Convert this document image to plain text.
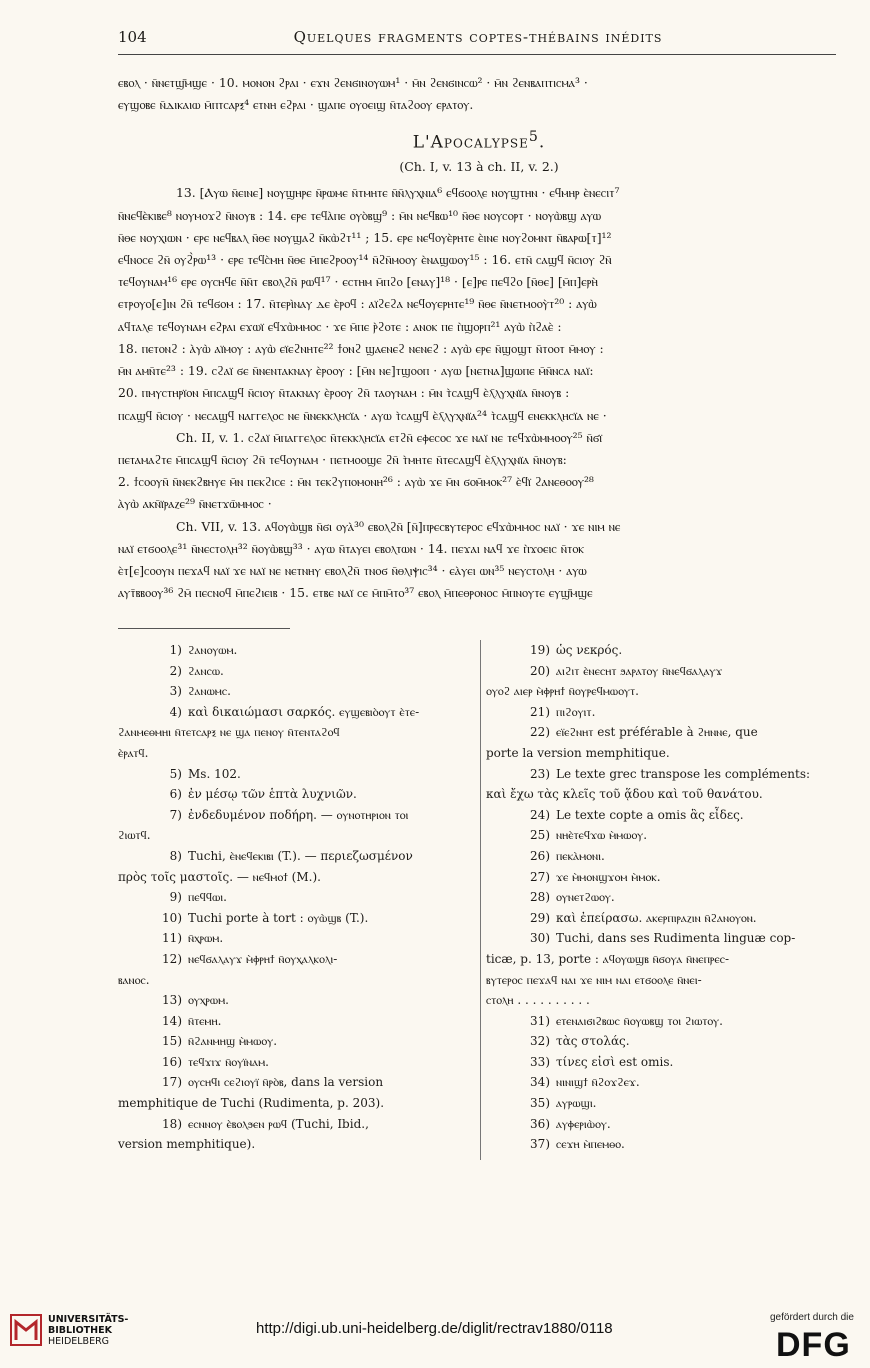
104	Quelques fragments coptes-thébains inédits
ⲉⲃⲟⲗ · ⲛ̄ⲛⲉⲧϣ̄ⲙϣⲉ · 10. ⲙⲟⲛⲟⲛ ϩⲣⲁⲓ · ⲉϫⲛ ϩⲉⲛϭⲓⲛⲟⲩⲱⲙ¹ · ⲙ̄ⲛ ϩⲉⲛϭⲓⲛⲥⲱ² · ⲙ̄ⲛ ϩⲉⲛⲃⲁⲡⲧⲓⲥⲙⲁ³ ·
ⲉⲩϣⲟⲃⲉ ⲛ̄ⲇⲓⲕⲁⲓⲱ ⲙ̄ⲡⲧⲥⲁⲣⲝ⁴ ⲉⲧⲛⲏ ⲉϩⲣⲁⲓ · ϣⲁⲡⲉ ⲟⲩⲟⲉⲓϣ ⲛ̄ⲧⲁϩⲟⲟⲩ ⲉⲣⲁⲧⲟⲩ.
L'Apocalypse$^5$.
(Ch. I, v. 13 à ch. II, v. 2.)
13. [Ⲁⲩⲱ ⲛ̄ⲉⲓⲛⲉ] ⲛⲟⲩϣⲏⲣⲉ ⲛ̄ⲣⲱⲙⲉ ⲛ̄ⲧⲙⲏⲧⲉ ⲛ̄ⲛ̄ⲗⲩⲭⲛⲓⲁ⁶ ⲉϥϭⲟⲟⲗⲉ ⲛⲟⲩϣⲧⲏⲛ · ⲉϥⲙⲏⲣ ⲉ̀ⲛⲉⲥⲓⲧ⁷
ⲛ̄ⲛⲉϥⲉ̀ⲕⲓⲃⲉ⁸ ⲛⲟⲩⲙⲟϫϩ ⲛ̄ⲛⲟⲩⲃ : 14. ⲉⲣⲉ ⲧⲉϥⲁ̀ⲡⲉ ⲟⲩⲟ̀ⲃϣ⁹ : ⲙ̄ⲛ ⲛⲉϥⲃⲱ¹⁰ ⲛ̄ⲑⲉ ⲛⲟⲩⲥⲟⲣⲧ · ⲛⲟⲩⲱ̀ⲃϣ ⲁⲩⲱ
ⲛ̄ⲑⲉ ⲛⲟⲩⲭⲓⲱⲛ · ⲉⲣⲉ ⲛⲉϥⲃⲁⲗ ⲛ̄ⲑⲉ ⲛⲟⲩϣⲁϩ ⲛ̄ⲕⲱ̀ϩⲧ¹¹ ; 15. ⲉⲣⲉ ⲛⲉϥⲟⲩⲉ̀ⲣⲏⲧⲉ ⲉ̀ⲓⲛⲉ ⲛⲟⲩϩⲟⲙⲛⲧ ⲛ̄ⲃⲁⲣⲱ[ⲧ]¹²
ⲉϥⲛⲟⲥⲉ ϩⲛ̄ ⲟⲩϩ̀ⲣⲱ¹³ · ⲉⲣⲉ ⲧⲉϥⲥ̀ⲙⲏ ⲛ̄ⲑⲉ ⲙ̄ⲡⲉϩⲣⲟⲟⲩ¹⁴ ⲛ̄ϩⲛ̄ⲙⲟⲟⲩ ⲉ̀ⲛⲁϣⲱⲟⲩ¹⁵ : 16. ⲉⲧⲛ̄ ⲥⲁϣϥ ⲛ̄ⲥⲓⲟⲩ ϩⲛ̄
ⲧⲉϥⲟⲩⲛⲁⲙ¹⁶ ⲉⲣⲉ ⲟⲩⲥⲏϥⲉ ⲛ̄ⲛ̄ⲧ ⲉⲃⲟⲗϩⲛ̄ ⲣⲱϥ¹⁷ · ⲉⲥⲧⲏⲙ ⲙ̄ⲡϩⲟ [ⲉⲛⲁⲩ]¹⁸ · [ⲉ]ⲣⲉ ⲡⲉϥϩⲟ [ⲛ̄ⲑⲉ] [ⲙ̄ⲡ]ⲉⲣⲏ̀
ⲉⲧⲣⲟⲩⲟ[ⲉ]ⲓⲛ ϩⲛ̄ ⲧⲉϥϭⲟⲙ : 17. ⲛ̄ⲧⲉⲣⲓ̀ⲛⲁⲩ ⲇⲉ ⲉ̀ⲣⲟϥ : ⲁⲓ̈ϩⲉϩⲁ ⲛⲉϥⲟⲩⲉⲣⲏⲧⲉ¹⁹ ⲛ̄ⲑⲉ ⲛ̄ⲛⲉⲧⲙⲟⲟⲩ̀ⲧ²⁰ : ⲁⲩⲱ̀
ⲁϥⲧⲁⲗⲉ ⲧⲉϥⲟⲩⲛⲁⲙ ⲉϩⲣⲁⲓ ⲉϫⲱⲓ̈ ⲉϥϫⲱ̀ⲙⲙⲟⲥ · ϫⲉ ⲙ̄ⲡⲉ ⲣ̀ϩⲟⲧⲉ : ⲁⲛⲟⲕ ⲡⲉ ⲡ̀ϣⲟⲣⲡ²¹ ⲁⲩⲱ̀ ⲡ̀ϩⲁⲉ̀ :
18. ⲡⲉⲧⲟⲛϩ : ⲁ̀ⲩⲱ̀ ⲁⲓ̈ⲙⲟⲩ : ⲁⲩⲱ̀ ⲉⲓ̈ⲉϩⲛⲏⲧⲉ²² ϯⲟⲛϩ ϣⲁⲉⲛⲉϩ ⲛⲉⲛⲉϩ : ⲁⲩⲱ̀ ⲉⲣⲉ ⲛ̄ϣⲟϣⲧ ⲛ̄ⲧⲟⲟⲧ ⲙ̄ⲙⲟⲩ :
ⲙ̄ⲛ ⲁⲙⲛ̄ⲧⲉ²³ : 19. ⲥϩⲁⲓ̈ ϭⲉ ⲛ̄ⲛⲉⲛⲧⲁⲕⲛⲁⲩ ⲉ̀ⲣⲟⲟⲩ : [ⲙ̄ⲛ ⲛⲉ]ⲧϣⲟⲟⲡ · ⲁⲩⲱ [ⲛⲉⲧⲛⲁ]ϣⲱⲡⲉ ⲙ̄ⲛ̄ⲛⲥⲁ ⲛⲁⲓ̈:
20. ⲡⲙⲩⲥⲧⲏⲣⲓ̈ⲟⲛ ⲙ̄ⲡⲥⲁϣϥ ⲛ̄ⲥⲓⲟⲩ ⲛ̄ⲧⲁⲕⲛⲁⲩ ⲉ̀ⲣⲟⲟⲩ ϩⲛ̄ ⲧⲁⲟⲩⲛⲁⲙ : ⲙ̄ⲛ ⲧ̀ⲥⲁϣϥ ⲉ̀ⲗ̄ⲗⲩⲭⲛⲓ̈ⲁ ⲛ̄ⲛⲟⲩⲃ :
ⲡⲥⲁϣϥ ⲛ̄ⲥⲓⲟⲩ · ⲛⲉⲥⲁϣϥ ⲛⲁⲅⲅⲉⲗⲟⲥ ⲛⲉ ⲛ̄ⲛⲉⲕⲕⲗⲏⲥⲓ̈ⲁ · ⲁⲩⲱ ⲧ̀ⲥⲁϣϥ ⲉ̀ⲗ̄ⲗⲩⲭⲛⲓ̈ⲁ²⁴ ⲧ̀ⲥⲁϣϥ ⲉⲛⲉⲕⲕⲗⲏⲥⲓ̈ⲁ ⲛⲉ ·
Ch. II, v. 1. ⲥϩⲁⲓ̈ ⲙ̄ⲡⲁⲅⲅⲉⲗⲟⲥ ⲛ̄ⲧⲉⲕⲕⲗⲏⲥⲓ̈ⲁ ⲉⲧϩⲛ̄ ⲉⲫⲉⲥⲟⲥ ϫⲉ ⲛⲁⲓ̈ ⲛⲉ ⲧⲉϥϫⲱ̀ⲙⲙⲟⲟⲩ²⁵ ⲛ̄ϭⲓ̈
ⲡⲉⲧⲁⲙⲁϩⲧⲉ ⲙ̄ⲡⲥⲁϣϥ ⲛ̄ⲥⲓⲟⲩ ϩⲛ̄ ⲧⲉϥⲟⲩⲛⲁⲙ · ⲡⲉⲧⲙⲟⲟϣⲉ ϩⲛ̄ ⲧ̀ⲙⲏⲧⲉ ⲛ̄ⲧⲉⲥⲁϣϥ ⲉ̀ⲗ̄ⲗⲩⲭⲛⲓ̈ⲁ ⲛ̄ⲛⲟⲩⲃ:
2. ϯⲥⲟⲟⲩⲛ̄ ⲛ̄ⲛⲉⲕϩⲃⲏⲩⲉ ⲙ̄ⲛ ⲡⲉⲕϩⲓⲥⲉ : ⲙ̄ⲛ ⲧⲉⲕϩⲩⲡⲟⲙⲟⲛⲏ²⁶ : ⲁⲩⲱ̀ ϫⲉ ⲙ̄ⲛ ϭⲟⲙ̄ⲙⲟⲕ²⁷ ⲉ̀ϥⲓ̈ ϩⲁⲛⲉⲑⲟⲟⲩ²⁸
ⲁ̀ⲩⲱ̀ ⲁⲕⲛ̄ⲓ̈ⲣⲁⲍⲉ²⁹ ⲛ̄ⲛⲉⲧϫⲱ̄ⲙⲙⲟⲥ ·
Ch. VII, v. 13. ⲁϥⲟⲩⲱ̀ϣⲃ ⲛ̄ϭⲓ ⲟⲩⲁ̀³⁰ ⲉⲃⲟⲗϩⲛ̄ [ⲛ̄]ⲡⲣⲉⲥⲃⲩⲧⲉⲣⲟⲥ ⲉϥϫⲱ̀ⲙⲙⲟⲥ ⲛⲁⲓ̈ · ϫⲉ ⲛⲓⲙ ⲛⲉ
ⲛⲁⲓ̈ ⲉⲧϭⲟⲟⲗⲉ³¹ ⲛ̄ⲛⲉⲥⲧⲟⲗⲏ³² ⲛ̄ⲟⲩⲱ̀ⲃϣ³³ · ⲁⲩⲱ ⲛ̄ⲧⲁⲩⲉⲓ ⲉⲃⲟⲗⲧⲱⲛ · 14. ⲡⲉϫⲁⲓ ⲛⲁϥ ϫⲉ ⲡ̀ϫⲟⲉⲓⲥ ⲛ̄ⲧⲟⲕ
ⲉ̀ⲧ[ⲉ]ⲥⲟⲟⲩⲛ ⲡⲉϫⲁϥ ⲛⲁⲓ̈ ϫⲉ ⲛⲁⲓ̈ ⲛⲉ ⲛⲉⲧⲛⲏⲩ ⲉⲃⲟⲗϩⲛ̄ ⲧⲛⲟϭ ⲛ̄ⲑⲗⲓⲯⲓⲥ³⁴ · ⲉⲁ̀ⲩⲉⲓ ⲱⲛ³⁵ ⲛⲉⲩⲥⲧⲟⲗⲏ · ⲁⲩⲱ
ⲁⲩⲧ̄ⲃⲃⲟⲟⲩ³⁶ ϩⲙ̄ ⲡⲉⲥⲛⲟϥ ⲙ̄ⲡⲉϩⲓⲉⲓⲃ · 15. ⲉⲧⲃⲉ ⲛⲁⲓ̈ ⲥⲉ ⲙ̄ⲡⲙ̄ⲧⲟ³⁷ ⲉⲃⲟⲗ ⲙ̄ⲡⲉⲑⲣⲟⲛⲟⲥ ⲙ̄ⲡⲛⲟⲩⲧⲉ ⲉⲩϣ̄ⲙϣⲉ
1) ϩⲁⲛⲟⲩⲱⲙ.
2) ϩⲁⲛⲥⲱ.
3) ϩⲁⲛⲱⲙⲥ.
4) καὶ δικαιώμασι σαρκός. ⲉⲩϣⲉⲃⲓⲟ̀ⲟⲩⲧ ⲉ̀ⲧⲉ-
ϩⲁⲛⲙⲉⲑⲙⲏⲓ ⲛ̄ⲧⲉⲧⲥⲁⲣⲝ ⲛⲉ ϣⲁ ⲡⲉⲛⲟⲩ ⲛ̄ⲧⲉⲛⲧⲁϩⲟϥ
ⲉ̀ⲣⲁⲧϥ.
5) Ms. 102.
6) ἐν μέσῳ τῶν ἑπτὰ λυχνιῶν.
7) ἐνδεδυμένον ποδήρη. — ⲟⲩⲛⲟⲧⲏⲣⲓⲟⲛ ⲧⲟⲓ
ϩⲓⲱⲧϥ.
8) Tuchi, ⲉ̀ⲛⲉϥⲉⲕⲓⲃⲓ (T.). — περιεζωσμένον
πρὸς τοῖς μαστοῖς. — ⲛⲉϥⲙⲟϯ (M.).
9) ⲡⲉϥϥⲱⲓ.
10) Tuchi porte à tort : ⲟⲩⲱ̀ϣⲃ (T.).
11) ⲛ̄ⲭⲣⲱⲙ.
12) ⲛⲉϥϭⲁⲗⲁⲩϫ ⲙ̀ⲫⲣⲏϯ ⲛ̄ⲟⲩⲭⲁⲗⲕⲟⲗⲓ-
ⲃⲁⲛⲟⲥ.
13) ⲟⲩⲭⲣⲱⲙ.
14) ⲛ̄ⲧⲉⲙⲏ.
15) ⲛ̄ϩⲁⲛⲙⲏϣ ⲙ̀ⲙⲱⲟⲩ.
16) ⲧⲉϥϫⲓϫ ⲛ̄ⲟⲩⲓ̈ⲛⲁⲙ.
17) ⲟⲩⲥⲏϥⲓ ⲥⲉϩⲓⲟⲩⲓ̈ ⲛ̄ⲣⲟ̀ⲃ, dans la version
memphitique de Tuchi (Rudimenta, p. 203).
18) ⲉⲥⲛⲛⲟⲩ ⲉ̀ⲃⲟⲗϧⲉⲛ ⲣⲱϥ (Tuchi, Ibid.,
version memphitique).
19) ὡς νεκρός.
20) ⲁⲓϩⲓⲧ ⲉ̀ⲛⲉⲥⲏⲧ ϧⲁⲣⲁⲧⲟⲩ ⲛ̄ⲛⲉϥϭⲁⲗⲁⲩϫ
ⲟⲩⲟϩ ⲁⲓⲉⲣ ⲙ̀ⲫⲣⲏϯ ⲛ̄ⲟⲩⲣⲉϥⲙⲱⲟⲩⲧ.
21) ⲡⲓϩⲟⲩⲓⲧ.
22) ⲉⲓ̈ⲉϩⲛⲏⲧ est préférable à ϩⲏⲛⲛⲉ, que
porte la version memphitique.
23) Le texte grec transpose les compléments:
καὶ ἔχω τὰς κλεῖς τοῦ ᾅδου καὶ τοῦ θανάτου.
24) Le texte copte a omis ἃς εἶδες.
25) ⲛⲏⲉ̀ⲧⲉϥϫⲱ ⲙ̀ⲙⲱⲟⲩ.
26) ⲡⲉⲕⲁ̀ⲙⲟⲛⲓ.
27) ϫⲉ ⲙ̀ⲙⲟⲛϣϫⲟⲙ ⲙ̀ⲙⲟⲕ.
28) ⲟⲩⲛⲉⲧϩⲱⲟⲩ.
29) καὶ ἐπείρασω. ⲁⲕⲉⲣⲡⲓⲣⲁⲍⲓⲛ ⲛ̄ϩⲁⲛⲟⲩⲟⲛ.
30) Tuchi, dans ses Rudimenta linguæ cop-
ticæ, p. 13, porte : ⲁϥⲟⲩⲱϣⲃ ⲛ̄ϭⲟⲩⲁ ⲛ̄ⲛⲉⲡⲣⲉⲥ-
ⲃⲩⲧⲉⲣⲟⲥ ⲡⲉϫⲁϥ ⲛⲁⲓ ϫⲉ ⲛⲓⲙ ⲛⲁⲓ ⲉⲧϭⲟⲟⲗⲉ ⲛ̄ⲛⲉⲓ-
ⲥⲧⲟⲗⲏ . . . . . . . . . .
31) ⲉⲧⲉⲛⲁⲓϭⲓϩⲃⲱⲥ ⲛ̄ⲟⲩⲱⲃϣ ⲧⲟⲓ ϩⲓⲱⲧⲟⲩ.
32) τὰς στολάς.
33) τίνες εἰσὶ est omis.
34) ⲛⲓⲛⲓϣϯ ⲛ̄ϩⲟϫϩⲉϫ.
35) ⲁⲩⲣⲱϣⲓ.
36) ⲁⲩⲫⲉⲣⲓⲱ̀ⲟⲩ.
37) ⲥⲉϫⲏ ⲙ̀ⲡⲉⲙⲑⲟ.
UNIVERSITÄTS-
BIBLIOTHEK
HEIDELBERG
http://digi.ub.uni-heidelberg.de/diglit/rectrav1880/0118
gefördert durch die
DFG
